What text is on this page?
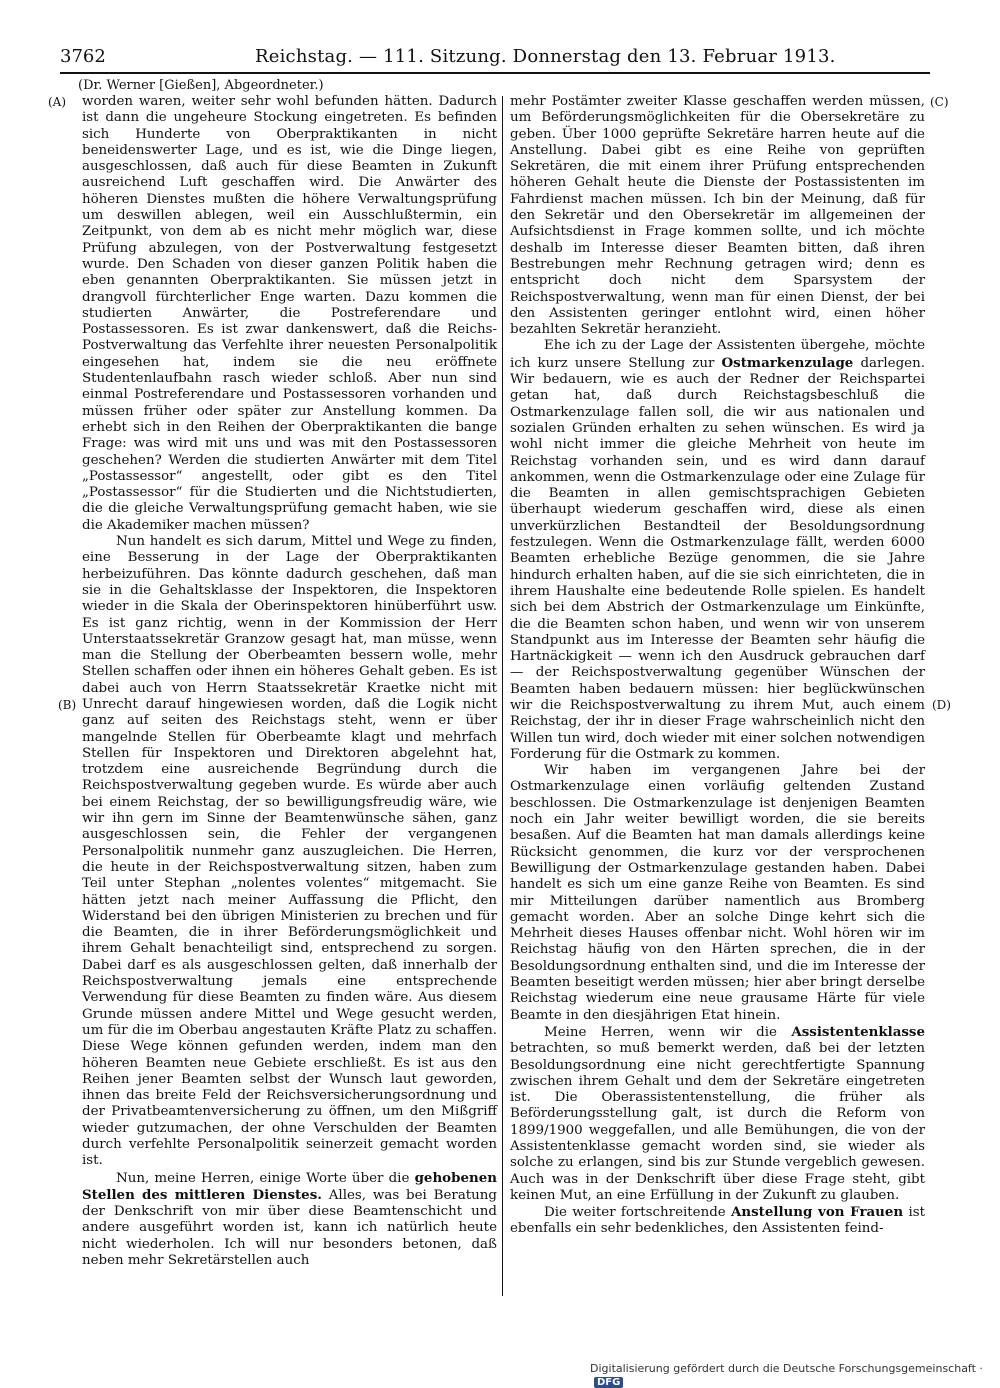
3762	Reichstag. — 111. Sitzung. Donnerstag den 13. Februar 1913.
(Dr. Werner [Gießen], Abgeordneter.)
(A)
(B)
(C)
(D)

worden waren, weiter sehr wohl befunden hätten. Dadurch ist dann die ungeheure Stockung eingetreten. Es befinden sich Hunderte von Oberpraktikanten in nicht beneidenswerter Lage, und es ist, wie die Dinge liegen, ausgeschlossen, daß auch für diese Beamten in Zukunft ausreichend Luft geschaffen wird. Die Anwärter des höheren Dienstes mußten die höhere Verwaltungsprüfung um deswillen ablegen, weil ein Ausschlußtermin, ein Zeitpunkt, von dem ab es nicht mehr möglich war, diese Prüfung abzulegen, von der Postverwaltung festgesetzt wurde. Den Schaden von dieser ganzen Politik haben die eben genannten Oberpraktikanten. Sie müssen jetzt in drangvoll fürchterlicher Enge warten. Dazu kommen die studierten Anwärter, die Postreferendare und Postassessoren. Es ist zwar dankenswert, daß die Reichs-Postverwaltung das Verfehlte ihrer neuesten Personalpolitik eingesehen hat, indem sie die neu eröffnete Studentenlaufbahn rasch wieder schloß. Aber nun sind einmal Postreferendare und Postassessoren vorhanden und müssen früher oder später zur Anstellung kommen. Da erhebt sich in den Reihen der Oberpraktikanten die bange Frage: was wird mit uns und was mit den Postassessoren geschehen? Werden die studierten Anwärter mit dem Titel „Postassessor“ angestellt, oder gibt es den Titel „Postassessor“ für die Studierten und die Nichtstudierten, die die gleiche Verwaltungsprüfung gemacht haben, wie sie die Akademiker machen müssen?

Nun handelt es sich darum, Mittel und Wege zu finden, eine Besserung in der Lage der Oberpraktikanten herbeizuführen. Das könnte dadurch geschehen, daß man sie in die Gehaltsklasse der Inspektoren, die Inspektoren wieder in die Skala der Oberinspektoren hinüberführt usw. Es ist ganz richtig, wenn in der Kommission der Herr Unterstaatssekretär Granzow gesagt hat, man müsse, wenn man die Stellung der Oberbeamten bessern wolle, mehr Stellen schaffen oder ihnen ein höheres Gehalt geben. Es ist dabei auch von Herrn Staatssekretär Kraetke nicht mit Unrecht darauf hingewiesen worden, daß die Logik nicht ganz auf seiten des Reichstags steht, wenn er über mangelnde Stellen für Oberbeamte klagt und mehrfach Stellen für Inspektoren und Direktoren abgelehnt hat, trotzdem eine ausreichende Begründung durch die Reichspostverwaltung gegeben wurde. Es würde aber auch bei einem Reichstag, der so bewilligungsfreudig wäre, wie wir ihn gern im Sinne der Beamtenwünsche sähen, ganz ausgeschlossen sein, die Fehler der vergangenen Personalpolitik nunmehr ganz auszugleichen. Die Herren, die heute in der Reichspostverwaltung sitzen, haben zum Teil unter Stephan „nolentes volentes“ mitgemacht. Sie hätten jetzt nach meiner Auffassung die Pflicht, den Widerstand bei den übrigen Ministerien zu brechen und für die Beamten, die in ihrer Beförderungsmöglichkeit und ihrem Gehalt benachteiligt sind, entsprechend zu sorgen. Dabei darf es als ausgeschlossen gelten, daß innerhalb der Reichspostverwaltung jemals eine entsprechende Verwendung für diese Beamten zu finden wäre. Aus diesem Grunde müssen andere Mittel und Wege gesucht werden, um für die im Oberbau angestauten Kräfte Platz zu schaffen. Diese Wege können gefunden werden, indem man den höheren Beamten neue Gebiete erschließt. Es ist aus den Reihen jener Beamten selbst der Wunsch laut geworden, ihnen das breite Feld der Reichsversicherungsordnung und der Privatbeamtenversicherung zu öffnen, um den Mißgriff wieder gutzumachen, der ohne Verschulden der Beamten durch verfehlte Personalpolitik seinerzeit gemacht worden ist.

Nun, meine Herren, einige Worte über die gehobenen Stellen des mittleren Dienstes. Alles, was bei Beratung der Denkschrift von mir über diese Beamtenschicht und andere ausgeführt worden ist, kann ich natürlich heute nicht wiederholen. Ich will nur besonders betonen, daß neben mehr Sekretärstellen auch

mehr Postämter zweiter Klasse geschaffen werden müssen, um Beförderungsmöglichkeiten für die Obersekretäre zu geben. Über 1000 geprüfte Sekretäre harren heute auf die Anstellung. Dabei gibt es eine Reihe von geprüften Sekretären, die mit einem ihrer Prüfung entsprechenden höheren Gehalt heute die Dienste der Postassistenten im Fahrdienst machen müssen. Ich bin der Meinung, daß für den Sekretär und den Obersekretär im allgemeinen der Aufsichtsdienst in Frage kommen sollte, und ich möchte deshalb im Interesse dieser Beamten bitten, daß ihren Bestrebungen mehr Rechnung getragen wird; denn es entspricht doch nicht dem Sparsystem der Reichspostverwaltung, wenn man für einen Dienst, der bei den Assistenten geringer entlohnt wird, einen höher bezahlten Sekretär heranzieht.

Ehe ich zu der Lage der Assistenten übergehe, möchte ich kurz unsere Stellung zur Ostmarkenzulage darlegen. Wir bedauern, wie es auch der Redner der Reichspartei getan hat, daß durch Reichstagsbeschluß die Ostmarkenzulage fallen soll, die wir aus nationalen und sozialen Gründen erhalten zu sehen wünschen. Es wird ja wohl nicht immer die gleiche Mehrheit von heute im Reichstag vorhanden sein, und es wird dann darauf ankommen, wenn die Ostmarkenzulage oder eine Zulage für die Beamten in allen gemischtsprachigen Gebieten überhaupt wiederum geschaffen wird, diese als einen unverkürzlichen Bestandteil der Besoldungsordnung festzulegen. Wenn die Ostmarkenzulage fällt, werden 6000 Beamten erhebliche Bezüge genommen, die sie Jahre hindurch erhalten haben, auf die sie sich einrichteten, die in ihrem Haushalte eine bedeutende Rolle spielen. Es handelt sich bei dem Abstrich der Ostmarkenzulage um Einkünfte, die die Beamten schon haben, und wenn wir von unserem Standpunkt aus im Interesse der Beamten sehr häufig die Hartnäckigkeit — wenn ich den Ausdruck gebrauchen darf — der Reichspostverwaltung gegenüber Wünschen der Beamten haben bedauern müssen: hier beglückwünschen wir die Reichspostverwaltung zu ihrem Mut, auch einem Reichstag, der ihr in dieser Frage wahrscheinlich nicht den Willen tun wird, doch wieder mit einer solchen notwendigen Forderung für die Ostmark zu kommen.

Wir haben im vergangenen Jahre bei der Ostmarkenzulage einen vorläufig geltenden Zustand beschlossen. Die Ostmarkenzulage ist denjenigen Beamten noch ein Jahr weiter bewilligt worden, die sie bereits besaßen. Auf die Beamten hat man damals allerdings keine Rücksicht genommen, die kurz vor der versprochenen Bewilligung der Ostmarkenzulage gestanden haben. Dabei handelt es sich um eine ganze Reihe von Beamten. Es sind mir Mitteilungen darüber namentlich aus Bromberg gemacht worden. Aber an solche Dinge kehrt sich die Mehrheit dieses Hauses offenbar nicht. Wohl hören wir im Reichstag häufig von den Härten sprechen, die in der Besoldungsordnung enthalten sind, und die im Interesse der Beamten beseitigt werden müssen; hier aber bringt derselbe Reichstag wiederum eine neue grausame Härte für viele Beamte in den diesjährigen Etat hinein.

Meine Herren, wenn wir die Assistentenklasse betrachten, so muß bemerkt werden, daß bei der letzten Besoldungsordnung eine nicht gerechtfertigte Spannung zwischen ihrem Gehalt und dem der Sekretäre eingetreten ist. Die Oberassistentenstellung, die früher als Beförderungsstellung galt, ist durch die Reform von 1899/1900 weggefallen, und alle Bemühungen, die von der Assistentenklasse gemacht worden sind, sie wieder als solche zu erlangen, sind bis zur Stunde vergeblich gewesen. Auch was in der Denkschrift über diese Frage steht, gibt keinen Mut, an eine Erfüllung in der Zukunft zu glauben.

Die weiter fortschreitende Anstellung von Frauen ist ebenfalls ein sehr bedenkliches, den Assistenten feind-

Digitalisierung gefördert durch die Deutsche Forschungsgemeinschaft · DFG
